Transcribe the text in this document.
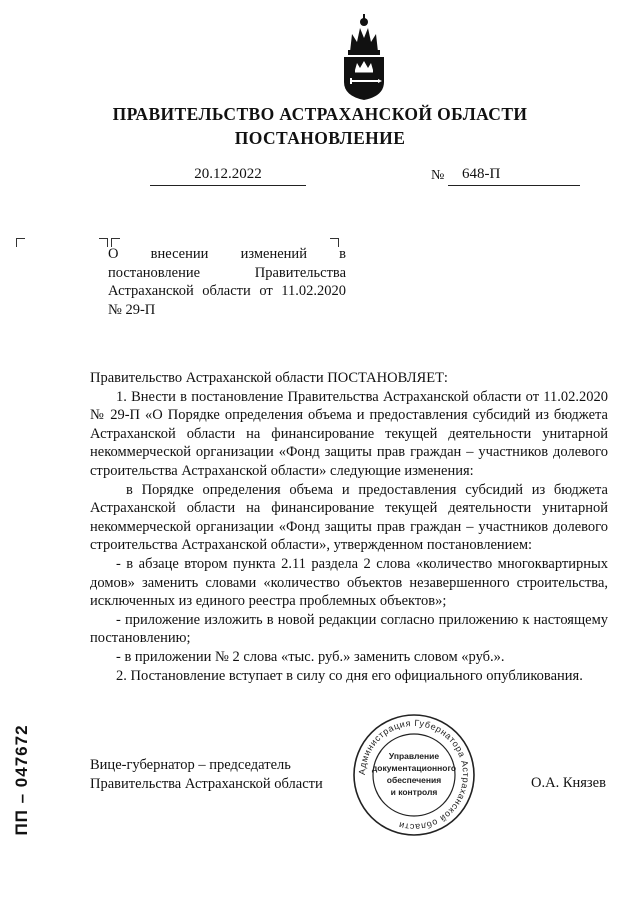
ПРАВИТЕЛЬСТВО АСТРАХАНСКОЙ ОБЛАСТИ
ПОСТАНОВЛЕНИЕ
20.12.2022	№ 648-П
О внесении изменений в постановление Правительства Астраханской области от 11.02.2020 № 29-П

Правительство Астраханской области ПОСТАНОВЛЯЕТ:

1. Внести в постановление Правительства Астраханской области от 11.02.2020 № 29-П «О Порядке определения объема и предоставления субсидий из бюджета Астраханской области на финансирование текущей деятельности унитарной некоммерческой организации «Фонд защиты прав граждан – участников долевого строительства Астраханской области» следующие изменения:

в Порядке определения объема и предоставления субсидий из бюджета Астраханской области на финансирование текущей деятельности унитарной некоммерческой организации «Фонд защиты прав граждан – участников долевого строительства Астраханской области», утвержденном постановлением:

- в абзаце втором пункта 2.11 раздела 2 слова «количество многоквартирных домов» заменить словами «количество объектов незавершенного строительства, исключенных из единого реестра проблемных объектов»;

- приложение изложить в новой редакции согласно приложению к настоящему постановлению;

- в приложении № 2 слова «тыс. руб.» заменить словом «руб.».

2. Постановление вступает в силу со дня его официального опубликования.

Вице-губернатор – председатель
Правительства Астраханской области
Администрация Губернатора Астраханской области
Управление
документационного
обеспечения
и контроля
О.А. Князев
ПП – 047672
